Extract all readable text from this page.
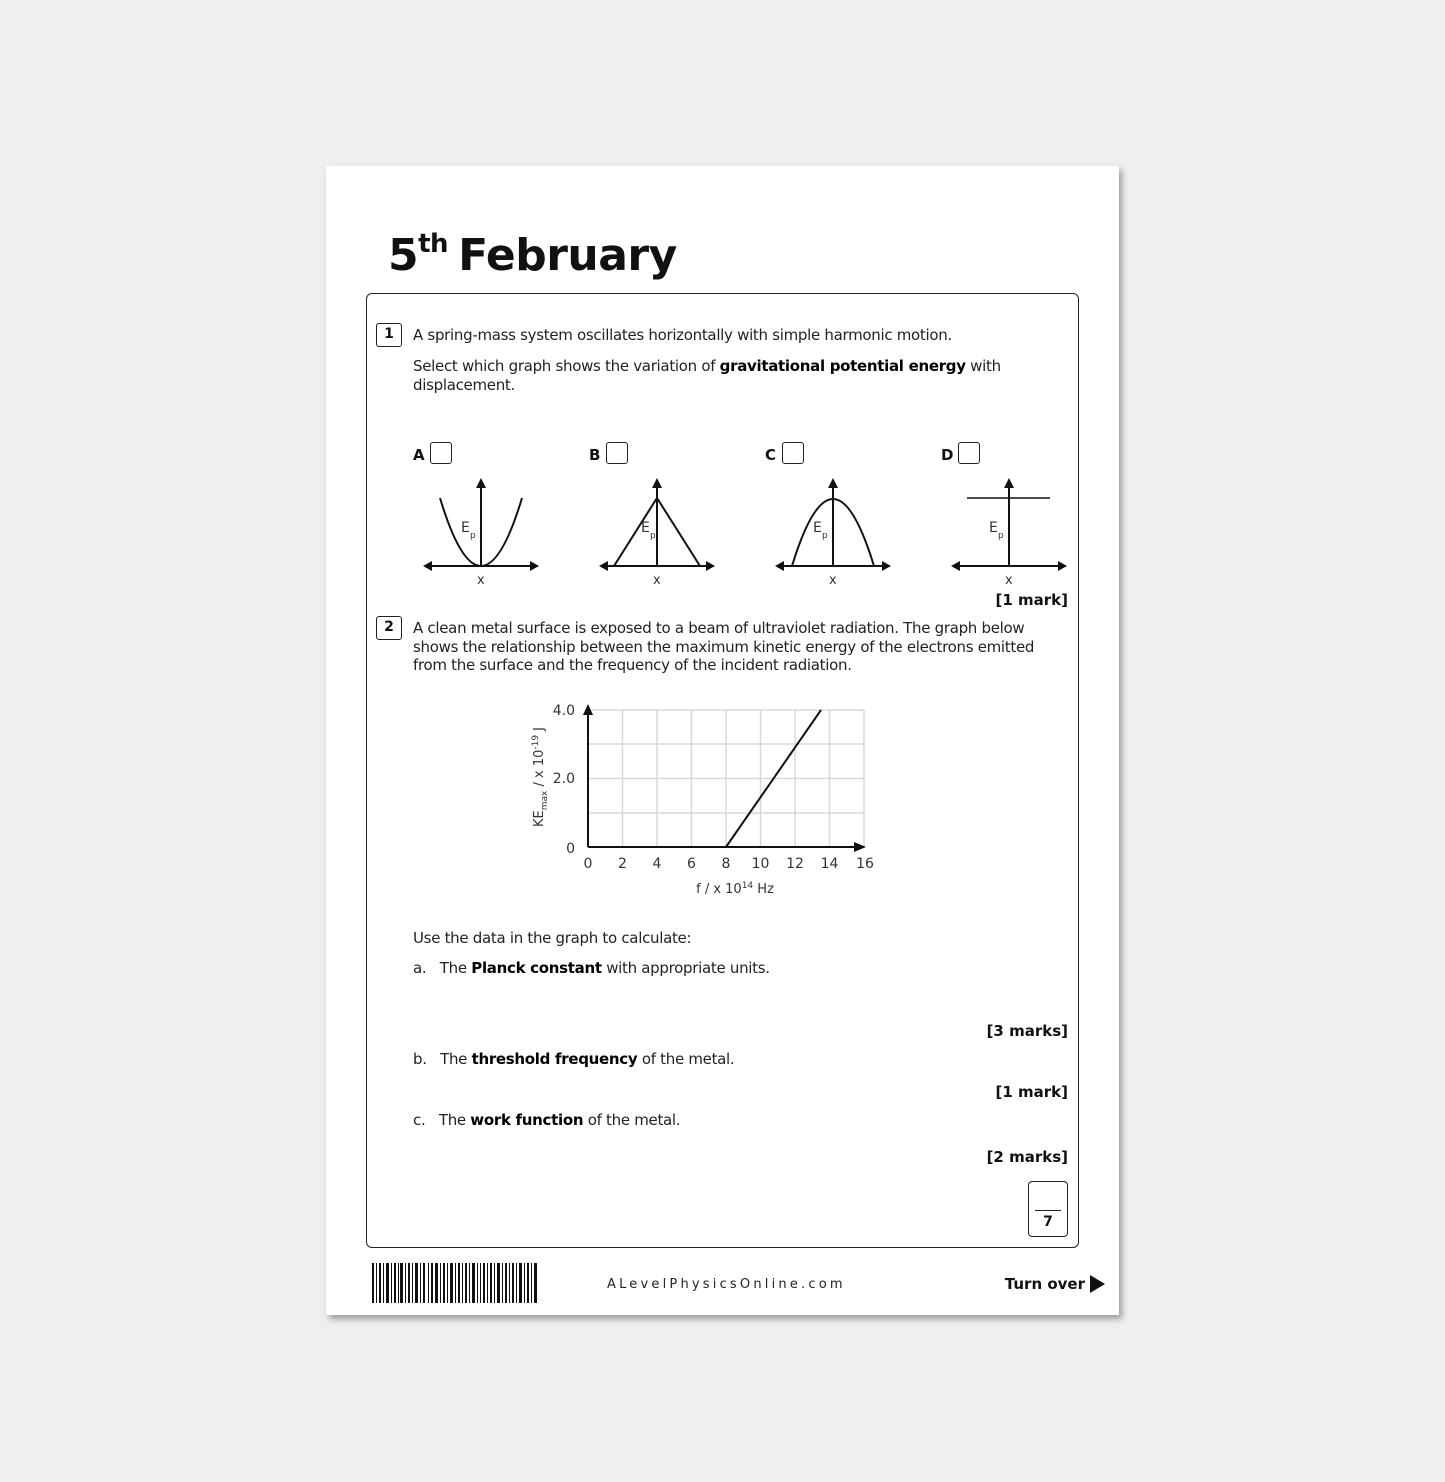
5th February
1	A spring-mass system oscillates horizontally with simple harmonic motion.
Select which graph shows the variation of gravitational potential energy with
displacement.
A
E p
x
B
E p
x
C
E p
x
D
E p
x
[1 mark]
2	A clean metal surface is exposed to a beam of ultraviolet radiation. The graph below
shows the relationship between the maximum kinetic energy of the electrons emitted
from the surface and the frequency of the incident radiation.
4.0
2.0
0
0 2 4 6 8 10 12 14 16
f / x $10^{14}$ Hz
$KE_{max}$ / x $10^{-19}$ J
Use the data in the graph to calculate:
a. The Planck constant with appropriate units.
[3 marks]
b. The threshold frequency of the metal.
[1 mark]
c. The work function of the metal.
[2 marks]
7
ALevelPhysicsOnline.com	Turn over
